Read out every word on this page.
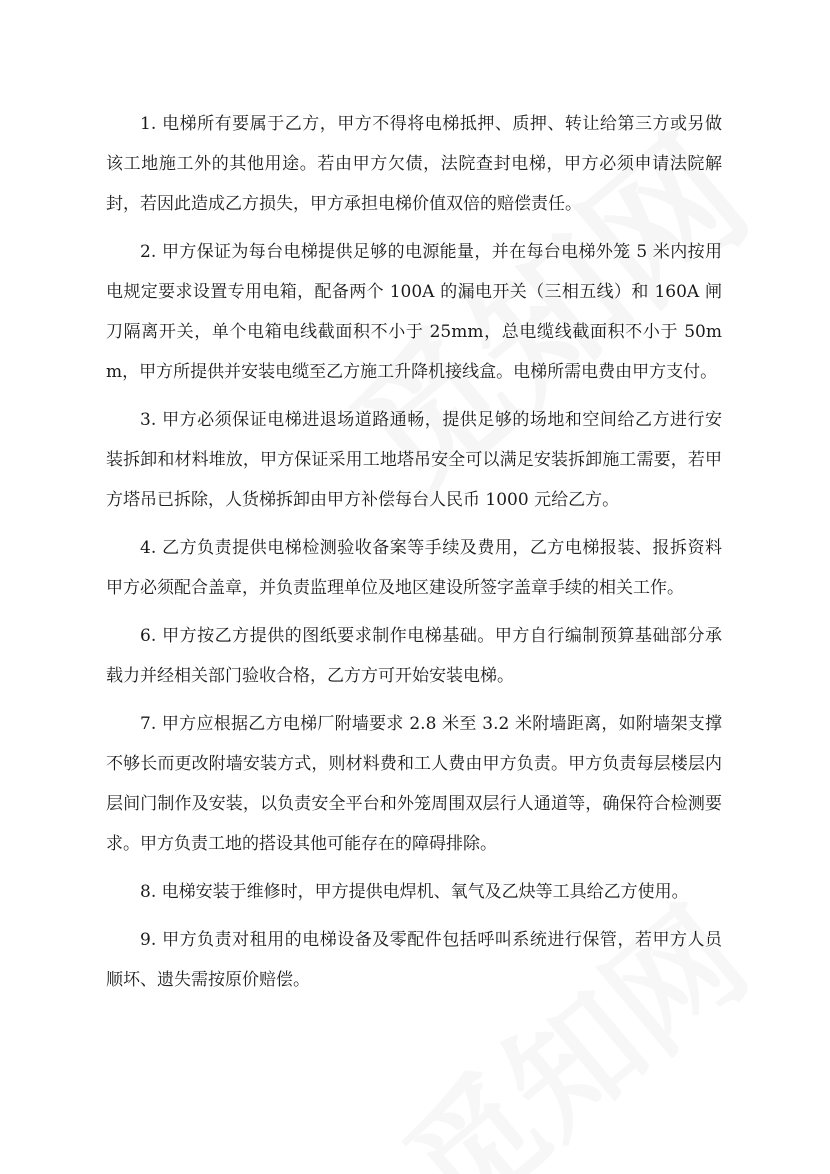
1. 电梯所有要属于乙方，甲方不得将电梯抵押、质押、转让给第三方或另做该工地施工外的其他用途。若由甲方欠债，法院查封电梯，甲方必须申请法院解封，若因此造成乙方损失，甲方承担电梯价值双倍的赔偿责任。

2. 甲方保证为每台电梯提供足够的电源能量，并在每台电梯外笼 5 米内按用电规定要求设置专用电箱，配备两个 100A 的漏电开关（三相五线）和 160A 闸刀隔离开关，单个电箱电线截面积不小于 25mm，总电缆线截面积不小于 50mm，甲方所提供并安装电缆至乙方施工升降机接线盒。电梯所需电费由甲方支付。

3. 甲方必须保证电梯进退场道路通畅，提供足够的场地和空间给乙方进行安装拆卸和材料堆放，甲方保证采用工地塔吊安全可以满足安装拆卸施工需要，若甲方塔吊已拆除，人货梯拆卸由甲方补偿每台人民币 1000 元给乙方。

4. 乙方负责提供电梯检测验收备案等手续及费用，乙方电梯报装、报拆资料甲方必须配合盖章，并负责监理单位及地区建设所签字盖章手续的相关工作。

6. 甲方按乙方提供的图纸要求制作电梯基础。甲方自行编制预算基础部分承载力并经相关部门验收合格，乙方方可开始安装电梯。

7. 甲方应根据乙方电梯厂附墙要求 2.8 米至 3.2 米附墙距离，如附墙架支撑不够长而更改附墙安装方式，则材料费和工人费由甲方负责。甲方负责每层楼层内层间门制作及安装，以负责安全平台和外笼周围双层行人通道等，确保符合检测要求。甲方负责工地的搭设其他可能存在的障碍排除。

8. 电梯安装于维修时，甲方提供电焊机、氧气及乙炔等工具给乙方使用。

9. 甲方负责对租用的电梯设备及零配件包括呼叫系统进行保管，若甲方人员顺坏、遗失需按原价赔偿。
